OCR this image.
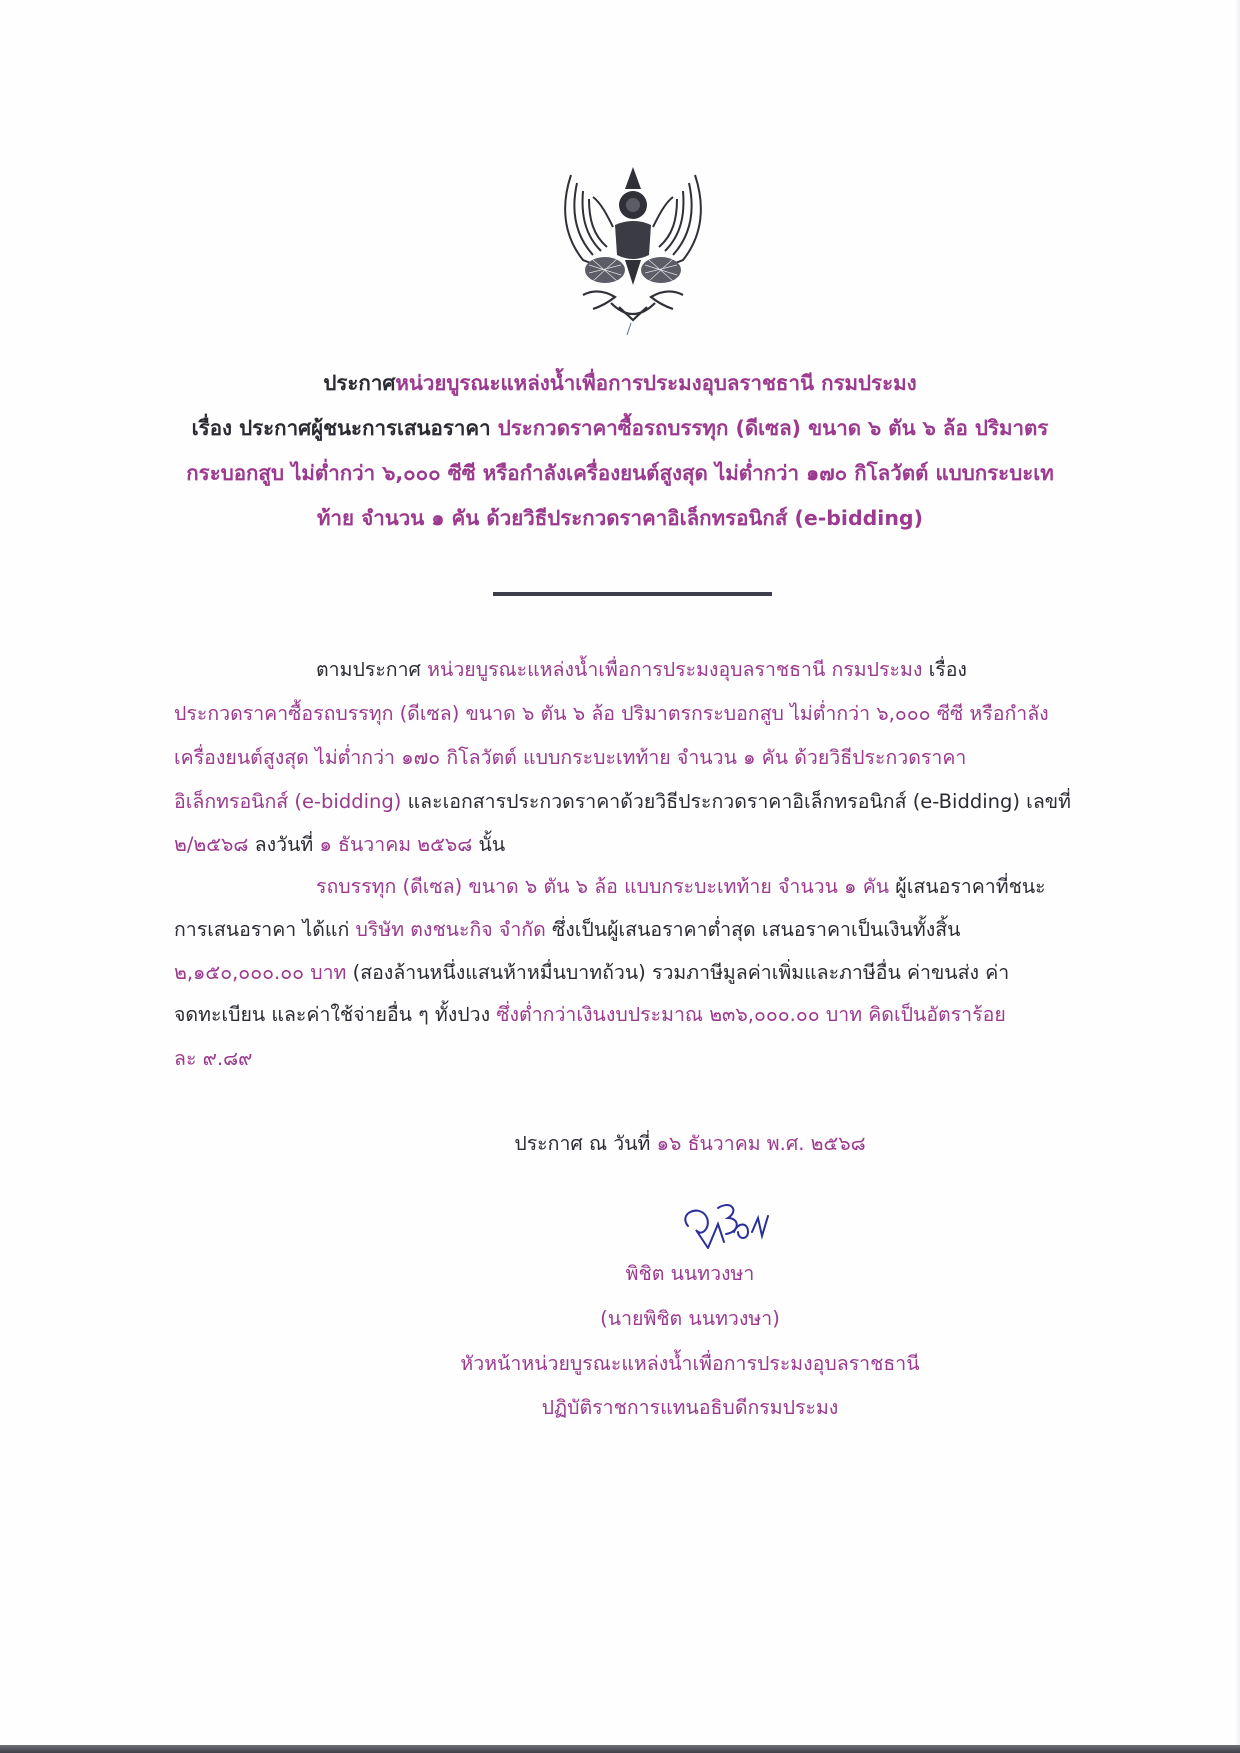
ประกาศหน่วยบูรณะแหล่งน้ำเพื่อการประมงอุบลราชธานี กรมประมง
เรื่อง ประกาศผู้ชนะการเสนอราคา ประกวดราคาซื้อรถบรรทุก (ดีเซล) ขนาด ๖ ตัน ๖ ล้อ ปริมาตร
กระบอกสูบ ไม่ต่ำกว่า ๖,๐๐๐ ซีซี หรือกำลังเครื่องยนต์สูงสุด ไม่ต่ำกว่า ๑๗๐ กิโลวัตต์ แบบกระบะเท
ท้าย จำนวน ๑ คัน ด้วยวิธีประกวดราคาอิเล็กทรอนิกส์ (e-bidding)
ตามประกาศ หน่วยบูรณะแหล่งน้ำเพื่อการประมงอุบลราชธานี กรมประมง เรื่อง
ประกวดราคาซื้อรถบรรทุก (ดีเซล) ขนาด ๖ ตัน ๖ ล้อ ปริมาตรกระบอกสูบ ไม่ต่ำกว่า ๖,๐๐๐ ซีซี หรือกำลัง
เครื่องยนต์สูงสุด ไม่ต่ำกว่า ๑๗๐ กิโลวัตต์ แบบกระบะเทท้าย จำนวน ๑ คัน ด้วยวิธีประกวดราคา
อิเล็กทรอนิกส์ (e-bidding) และเอกสารประกวดราคาด้วยวิธีประกวดราคาอิเล็กทรอนิกส์ (e-Bidding) เลขที่
๒/๒๕๖๘ ลงวันที่ ๑ ธันวาคม ๒๕๖๘ นั้น
รถบรรทุก (ดีเซล) ขนาด ๖ ตัน ๖ ล้อ แบบกระบะเทท้าย จำนวน ๑ คัน ผู้เสนอราคาที่ชนะ
การเสนอราคา ได้แก่ บริษัท ตงชนะกิจ จำกัด ซึ่งเป็นผู้เสนอราคาต่ำสุด เสนอราคาเป็นเงินทั้งสิ้น
๒,๑๕๐,๐๐๐.๐๐ บาท (สองล้านหนึ่งแสนห้าหมื่นบาทถ้วน) รวมภาษีมูลค่าเพิ่มและภาษีอื่น ค่าขนส่ง ค่า
จดทะเบียน และค่าใช้จ่ายอื่น ๆ ทั้งปวง ซึ่งต่ำกว่าเงินงบประมาณ ๒๓๖,๐๐๐.๐๐ บาท คิดเป็นอัตราร้อย
ละ ๙.๘๙
ประกาศ ณ วันที่ ๑๖ ธันวาคม พ.ศ. ๒๕๖๘
พิชิต นนทวงษา
(นายพิชิต นนทวงษา)
หัวหน้าหน่วยบูรณะแหล่งน้ำเพื่อการประมงอุบลราชธานี
ปฏิบัติราชการแทนอธิบดีกรมประมง
